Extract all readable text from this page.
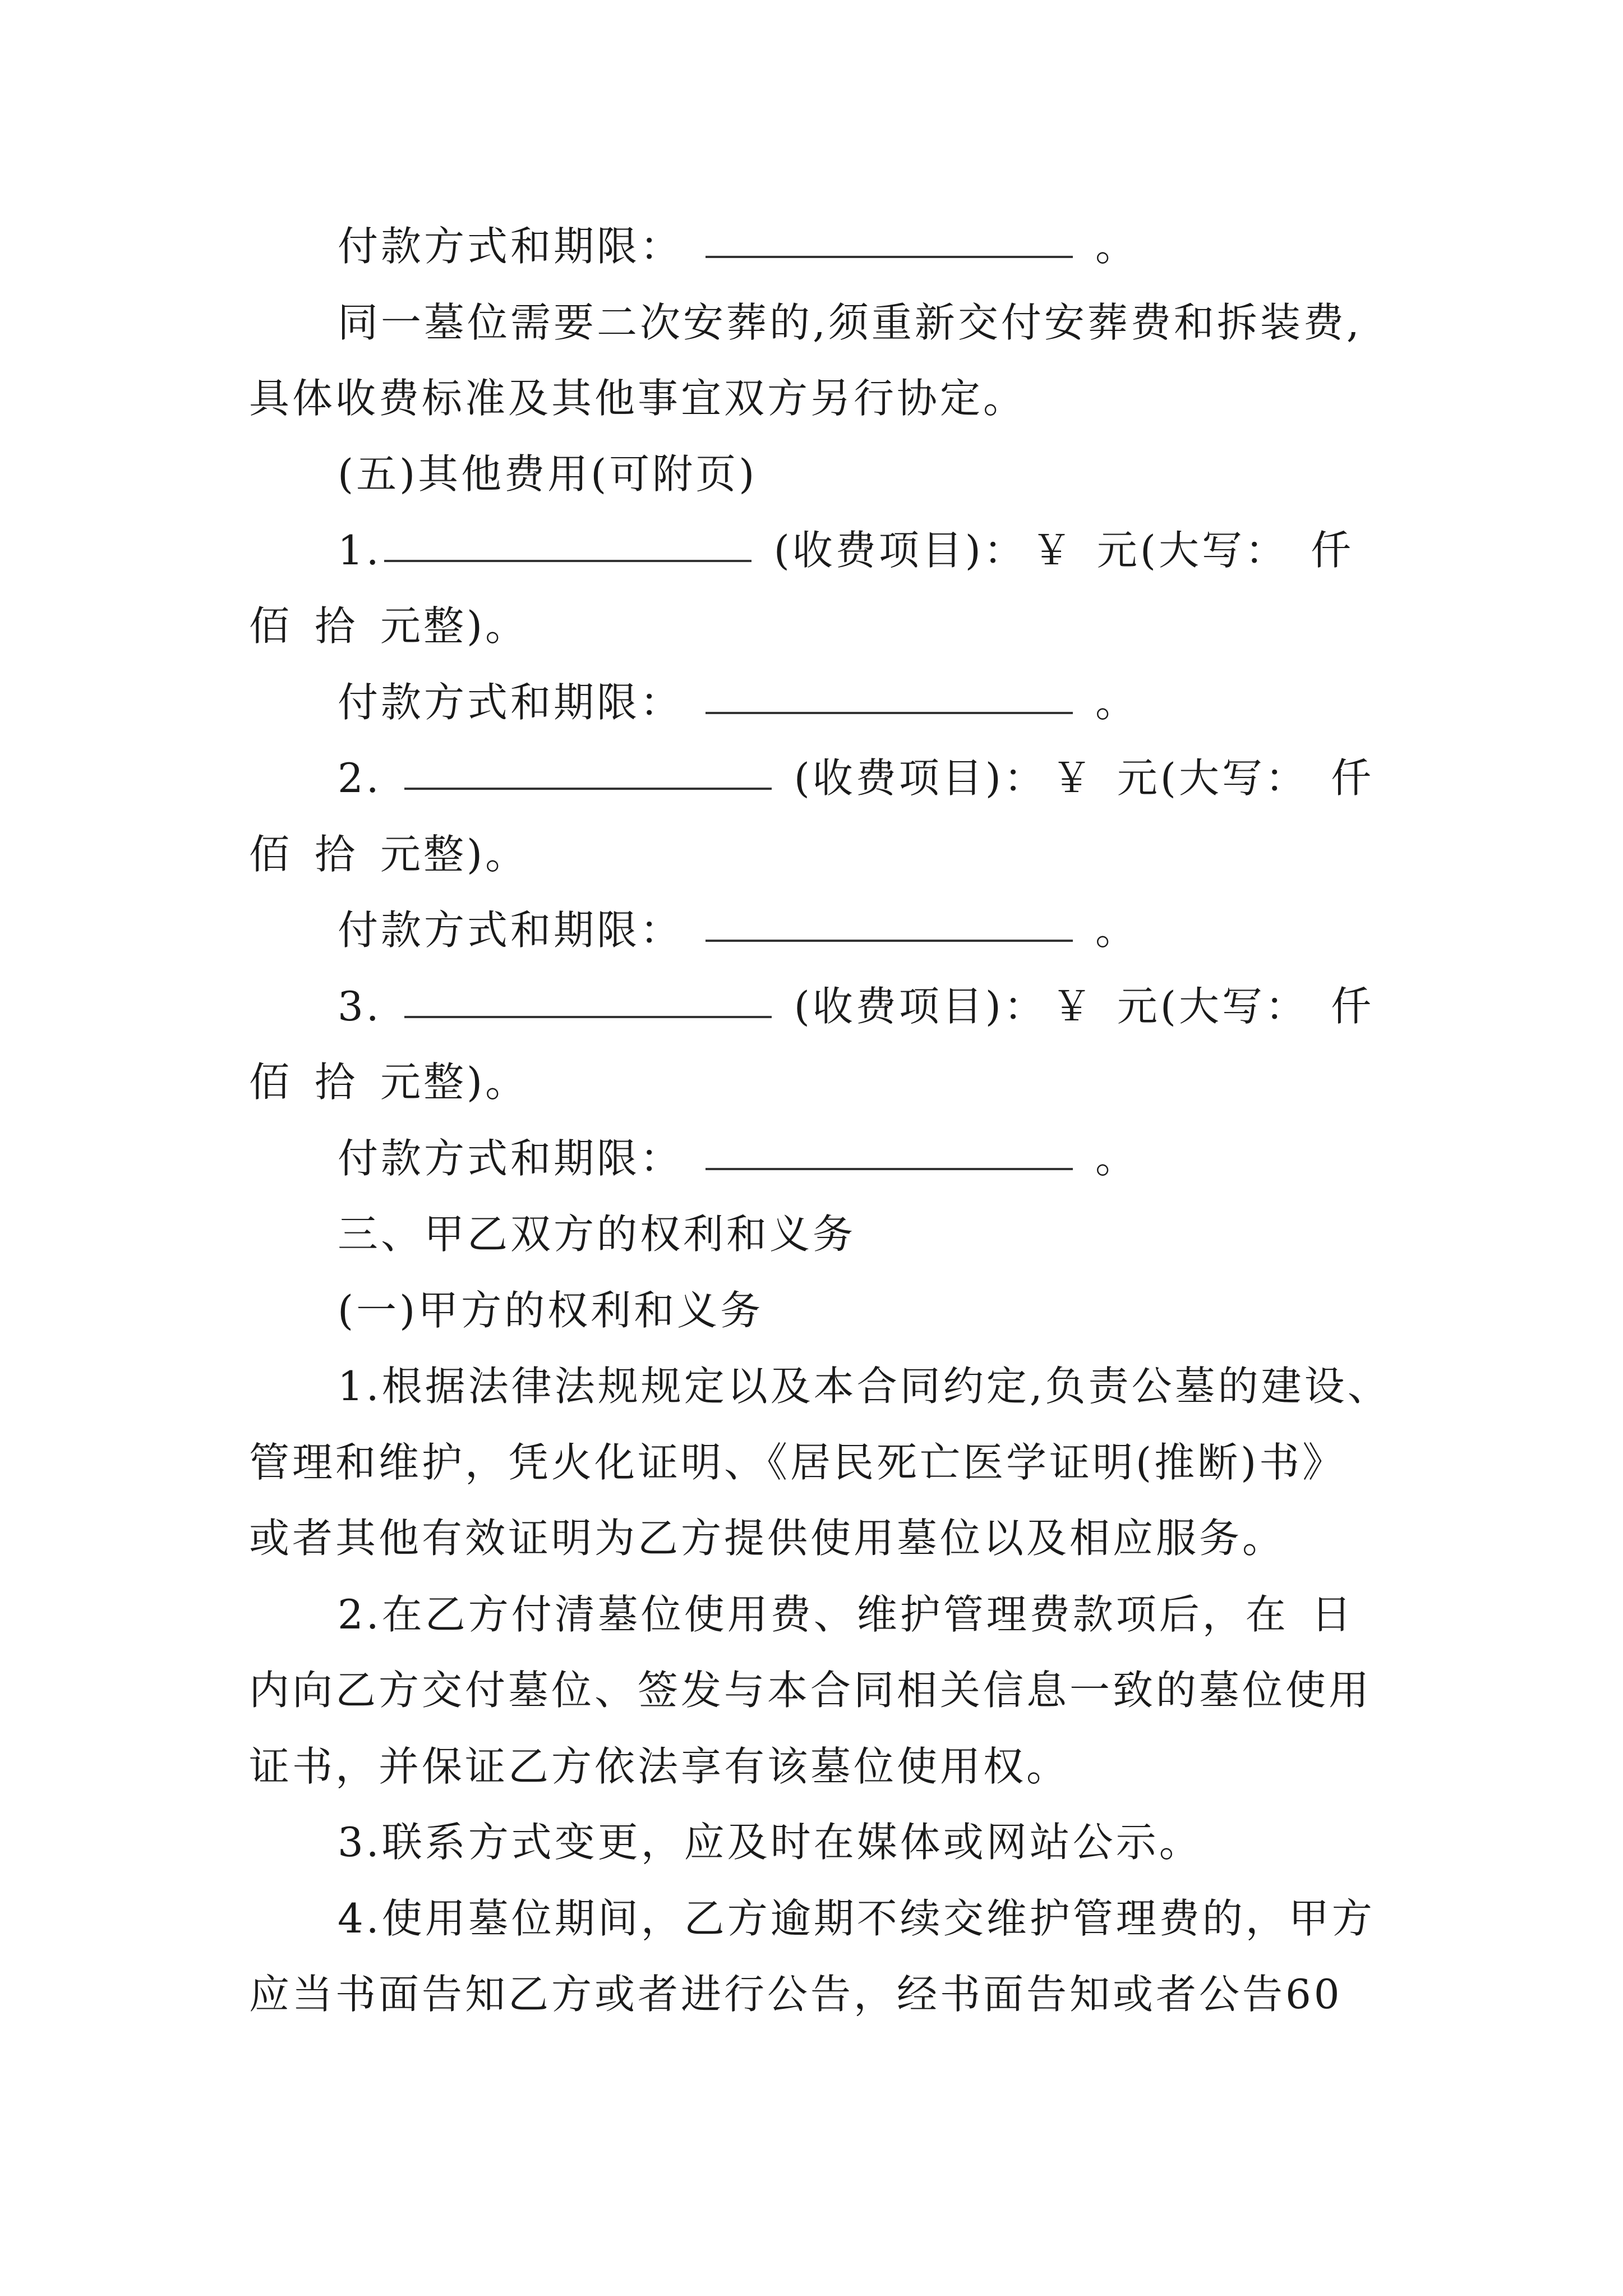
付款方式和期限：	。
同一墓位需要二次安葬的,须重新交付安葬费和拆装费,
具体收费标准及其他事宜双方另行协定。
(五)其他费用(可附页)
1.	(收费项目)： ￥ 元(大写： 仟
佰 拾 元整)。
付款方式和期限：	。
2.	(收费项目)： ￥ 元(大写： 仟
佰 拾 元整)。
付款方式和期限：	。
3.	(收费项目)： ￥ 元(大写： 仟
佰 拾 元整)。
付款方式和期限：	。
三、甲乙双方的权利和义务
(一)甲方的权利和义务
1.根据法律法规规定以及本合同约定,负责公墓的建设、
管理和维护，凭火化证明、《居民死亡医学证明(推断)书》
或者其他有效证明为乙方提供使用墓位以及相应服务。
2.在乙方付清墓位使用费、维护管理费款项后，在 日
内向乙方交付墓位、签发与本合同相关信息一致的墓位使用
证书，并保证乙方依法享有该墓位使用权。
3.联系方式变更，应及时在媒体或网站公示。
4.使用墓位期间，乙方逾期不续交维护管理费的，甲方
应当书面告知乙方或者进行公告，经书面告知或者公告60
